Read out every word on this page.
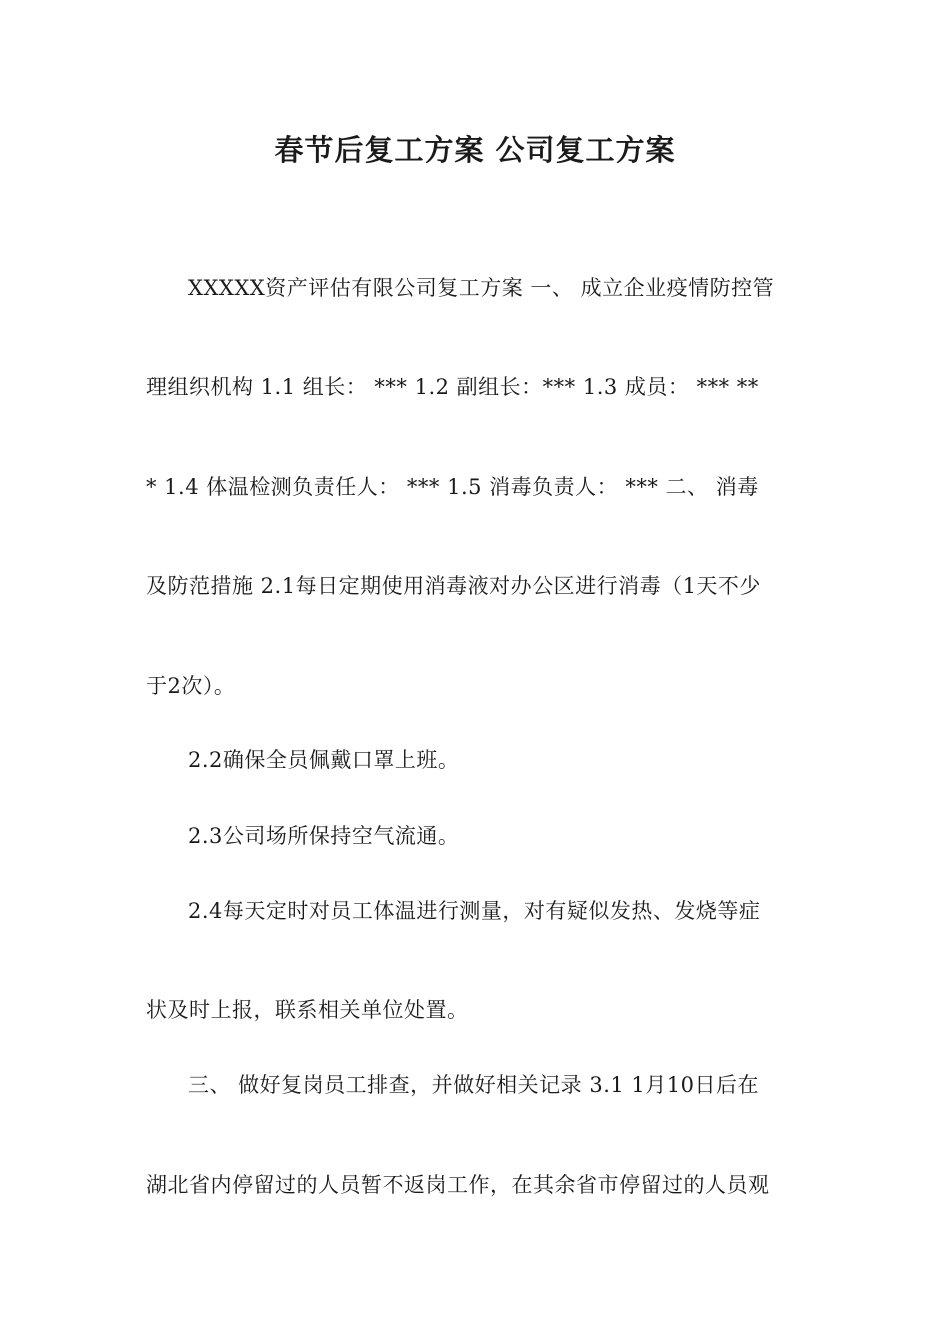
春节后复工方案 公司复工方案
XXXXX资产评估有限公司复工方案 一、 成立企业疫情防控管
理组织机构 1.1 组长： *** 1.2 副组长：*** 1.3 成员： *** **
* 1.4 体温检测负责任人： *** 1.5 消毒负责人： *** 二、 消毒
及防范措施 2.1每日定期使用消毒液对办公区进行消毒（1天不少
于2次）。
2.2确保全员佩戴口罩上班。
2.3公司场所保持空气流通。
2.4每天定时对员工体温进行测量，对有疑似发热、发烧等症
状及时上报，联系相关单位处置。
三、 做好复岗员工排查，并做好相关记录 3.1 1月10日后在
湖北省内停留过的人员暂不返岗工作，在其余省市停留过的人员观
